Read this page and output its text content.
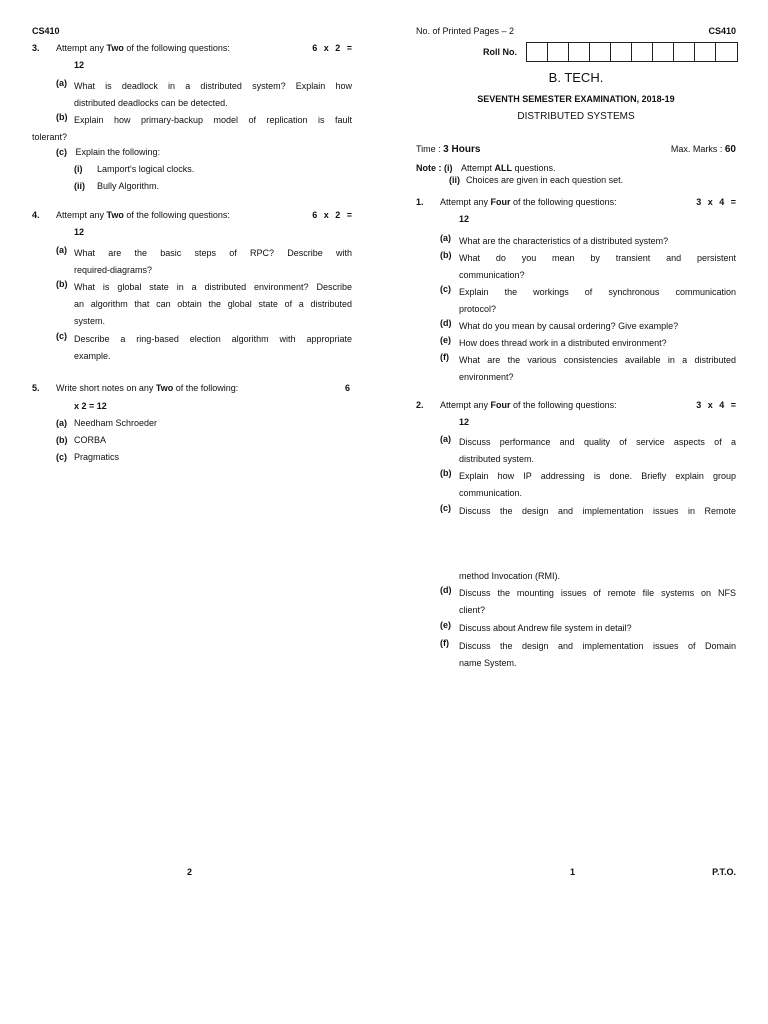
CS410
3. Attempt any Two of the following questions:	6 x 2 =
12
(a) What is deadlock in a distributed system? Explain how
distributed deadlocks can be detected.
(b) Explain how primary-backup model of replication is fault
tolerant?
(c) Explain the following:
(i) Lamport's logical clocks.
(ii) Bully Algorithm.
4. Attempt any Two of the following questions:	6 x 2 =
12
(a) What are the basic steps of RPC? Describe with
required-diagrams?
(b) What is global state in a distributed environment? Describe
an algorithm that can obtain the global state of a distributed
system.
(c) Describe a ring-based election algorithm with appropriate
example.
5. Write short notes on any Two of the following:	6
x 2 = 12
(a) Needham Schroeder
(b) CORBA
(c) Pragmatics
2
No. of Printed Pages – 2	CS410
Roll No.
B. TECH.
SEVENTH SEMESTER EXAMINATION, 2018-19
DISTRIBUTED SYSTEMS
Time : 3 Hours	Max. Marks : 60
Note : (i) Attempt ALL questions.
(ii) Choices are given in each question set.
1. Attempt any Four of the following questions:	3 x 4 =
12
(a) What are the characteristics of a distributed system?
(b) What do you mean by transient and persistent
communication?
(c) Explain the workings of synchronous communication
protocol?
(d) What do you mean by causal ordering? Give example?
(e) How does thread work in a distributed environment?
(f) What are the various consistencies available in a distributed
environment?
2. Attempt any Four of the following questions:	3 x 4 =
12
(a) Discuss performance and quality of service aspects of a
distributed system.
(b) Explain how IP addressing is done. Briefly explain group
communication.
(c) Discuss the design and implementation issues in Remote
method Invocation (RMI).
(d) Discuss the mounting issues of remote file systems on NFS
client?
(e) Discuss about Andrew file system in detail?
(f) Discuss the design and implementation issues of Domain
name System.
1	P.T.O.
